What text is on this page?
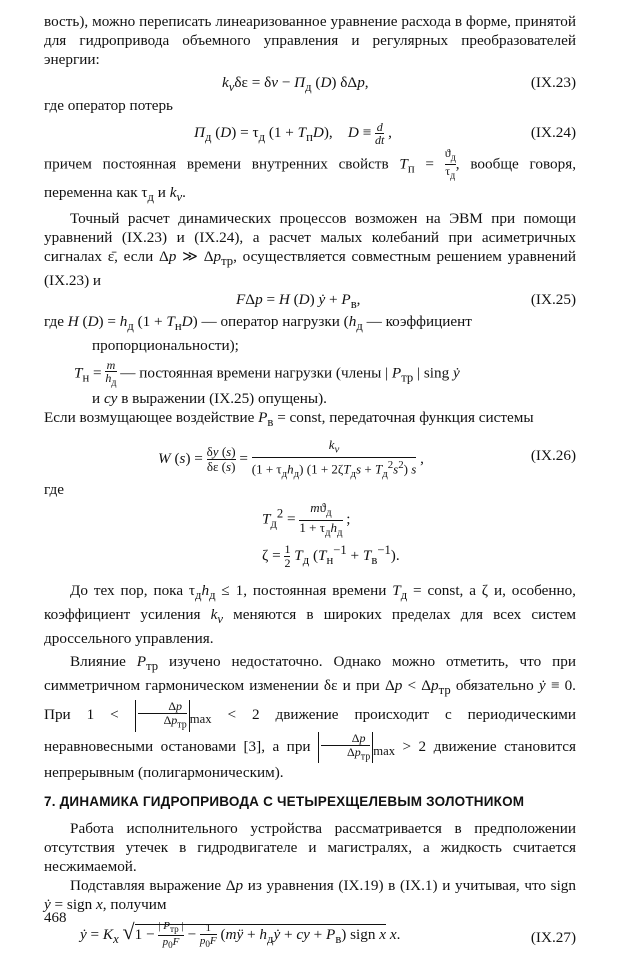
вость), можно переписать линеаризованное уравнение расхода в форме, принятой для гидропривода объемного управления и регулярных преобразователей энергии:

$k_v\delta\varepsilon = \delta v - \Pi_д$ (D) δΔp,	(IX.23)

где оператор потерь

$\Pi_д$ $(D) = \tau_д$ $(1 + T_пD)$,    $D \equiv \frac{d}{dt}$ ,	(IX.24)

причем постоянная времени внутренних свойств $T_п$ =
$ϑ_д$
$\tau_д$
, вообще говоря, переменна как $\tau_д$ и $k_v$.

Точный расчет динамических процессов возможен на ЭВМ при помощи уравнений (IX.23) и (IX.24), а расчет малых колебаний при асиметричных сигналах ε̄, если Δp ≫ $\Delta p_{тр}$, осуществляется совместным решением уравнений (IX.23) и

FΔp = H (D) ẏ + $P_в$,	(IX.25)

где H $(D) = h_д$ $(1 + T_нD)$ — оператор нагрузки ($h_д$ — коэффициент

пропорциональности);

$T_н = m$
$h_д$
— постоянная времени нагрузки (члены | $P_{тр}$ | sing ẏ

и cy в выражении (IX.25) опущены).

Если возмущающее воздействие $P_в$ = const, передаточная функция системы

W $(s) = \frac{\delta y (s)}{\delta\varepsilon (s)}$ =
$k_v$
$(1 + \tau_дh_д)$ $(1 + 2\zeta T_дs + T_д^2s^2)$ s
,	(IX.26)

где

$T_д^2$ =
$mϑ_д$
$1 + \tau_дh_д$
;
$\zeta = \frac{1}{2} T_д$ $(T_н^{-1} + T_в^{-1})$.

До тех пор, пока $\tau_дh_д \le 1$, постоянная времени $T_д$ = const, а ζ и, особенно, коэффициент усиления $k_v$ меняются в широких пределах для всех систем дроссельного управления.

Влияние $P_{тр}$ изучено недостаточно. Однако можно отметить, что при симметричном гармоническом изменении δε и при $\Delta p < \Delta p_{тр}$ обязательно ẏ ≡ 0. При 1 <
Δp
$\Delta p_{тр}$ $_{max}$ < 2 движение происходит с периодическими неравновесными остановами [3], а при
Δp
$\Delta p_{тр}$ $_{max}$ > 2 движение становится непрерывным (полигармоническим).

7. ДИНАМИКА ГИДРОПРИВОДА С ЧЕТЫРЕХЩЕЛЕВЫМ ЗОЛОТНИКОМ

Работа исполнительного устройства рассматривается в предположении отсутствия утечек в гидродвигателе и магистралях, а жидкость считается несжимаемой.

Подставляя выражение Δp из уравнения (IX.19) в (IX.1) и учитывая, что sign ẏ = sign x, получим

ẏ = $K_x$ √1 −
| $P_{тр}$ |
$p_0F - \frac{1}{p_0F}$ (mÿ + $h_дẏ$ + cy + $P_в$) sign x x.	(IX.27)
468
